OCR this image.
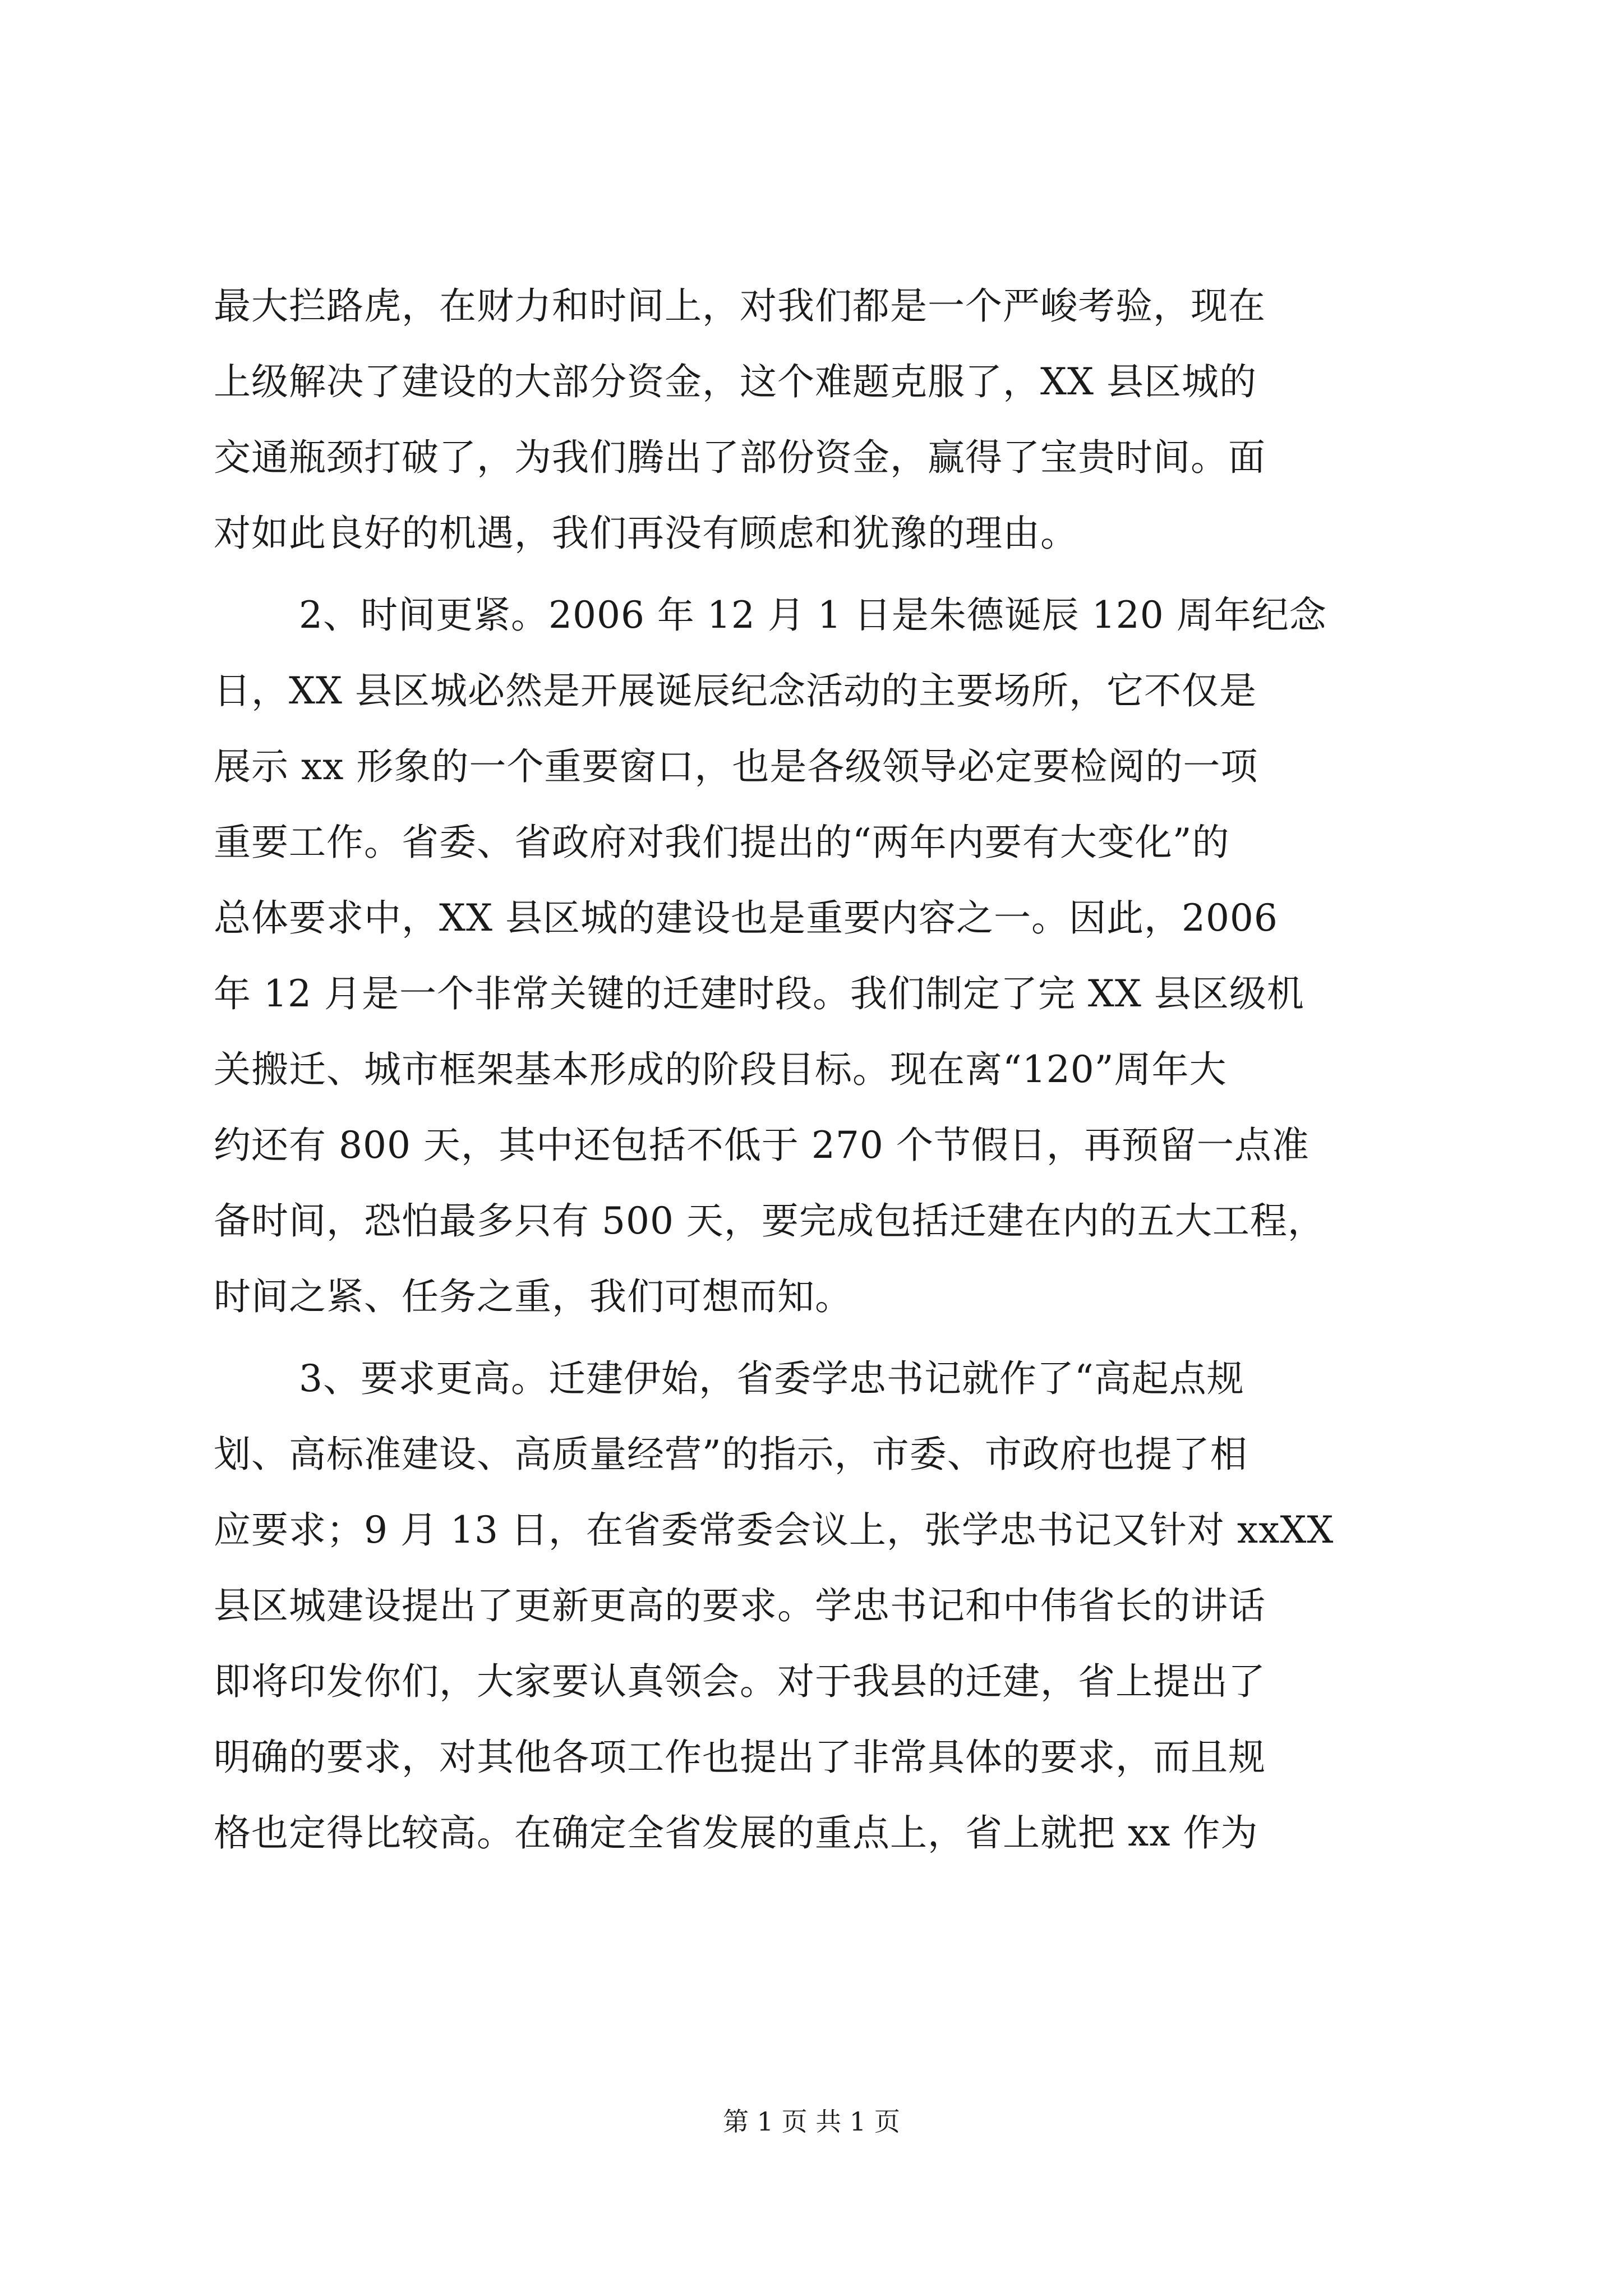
最大拦路虎，在财力和时间上，对我们都是一个严峻考验，现在
上级解决了建设的大部分资金，这个难题克服了，XX 县区城的
交通瓶颈打破了，为我们腾出了部份资金，赢得了宝贵时间。面
对如此良好的机遇，我们再没有顾虑和犹豫的理由。
2、时间更紧。2006 年 12 月 1 日是朱德诞辰 120 周年纪念
日，XX 县区城必然是开展诞辰纪念活动的主要场所，它不仅是
展示 xx 形象的一个重要窗口，也是各级领导必定要检阅的一项
重要工作。省委、省政府对我们提出的“两年内要有大变化”的
总体要求中，XX 县区城的建设也是重要内容之一。因此，2006
年 12 月是一个非常关键的迁建时段。我们制定了完 XX 县区级机
关搬迁、城市框架基本形成的阶段目标。现在离“120”周年大
约还有 800 天，其中还包括不低于 270 个节假日，再预留一点准
备时间，恐怕最多只有 500 天，要完成包括迁建在内的五大工程，
时间之紧、任务之重，我们可想而知。
3、要求更高。迁建伊始，省委学忠书记就作了“高起点规
划、高标准建设、高质量经营”的指示，市委、市政府也提了相
应要求；9 月 13 日，在省委常委会议上，张学忠书记又针对 xxXX
县区城建设提出了更新更高的要求。学忠书记和中伟省长的讲话
即将印发你们，大家要认真领会。对于我县的迁建，省上提出了
明确的要求，对其他各项工作也提出了非常具体的要求，而且规
格也定得比较高。在确定全省发展的重点上，省上就把 xx 作为
第 1 页 共 1 页
